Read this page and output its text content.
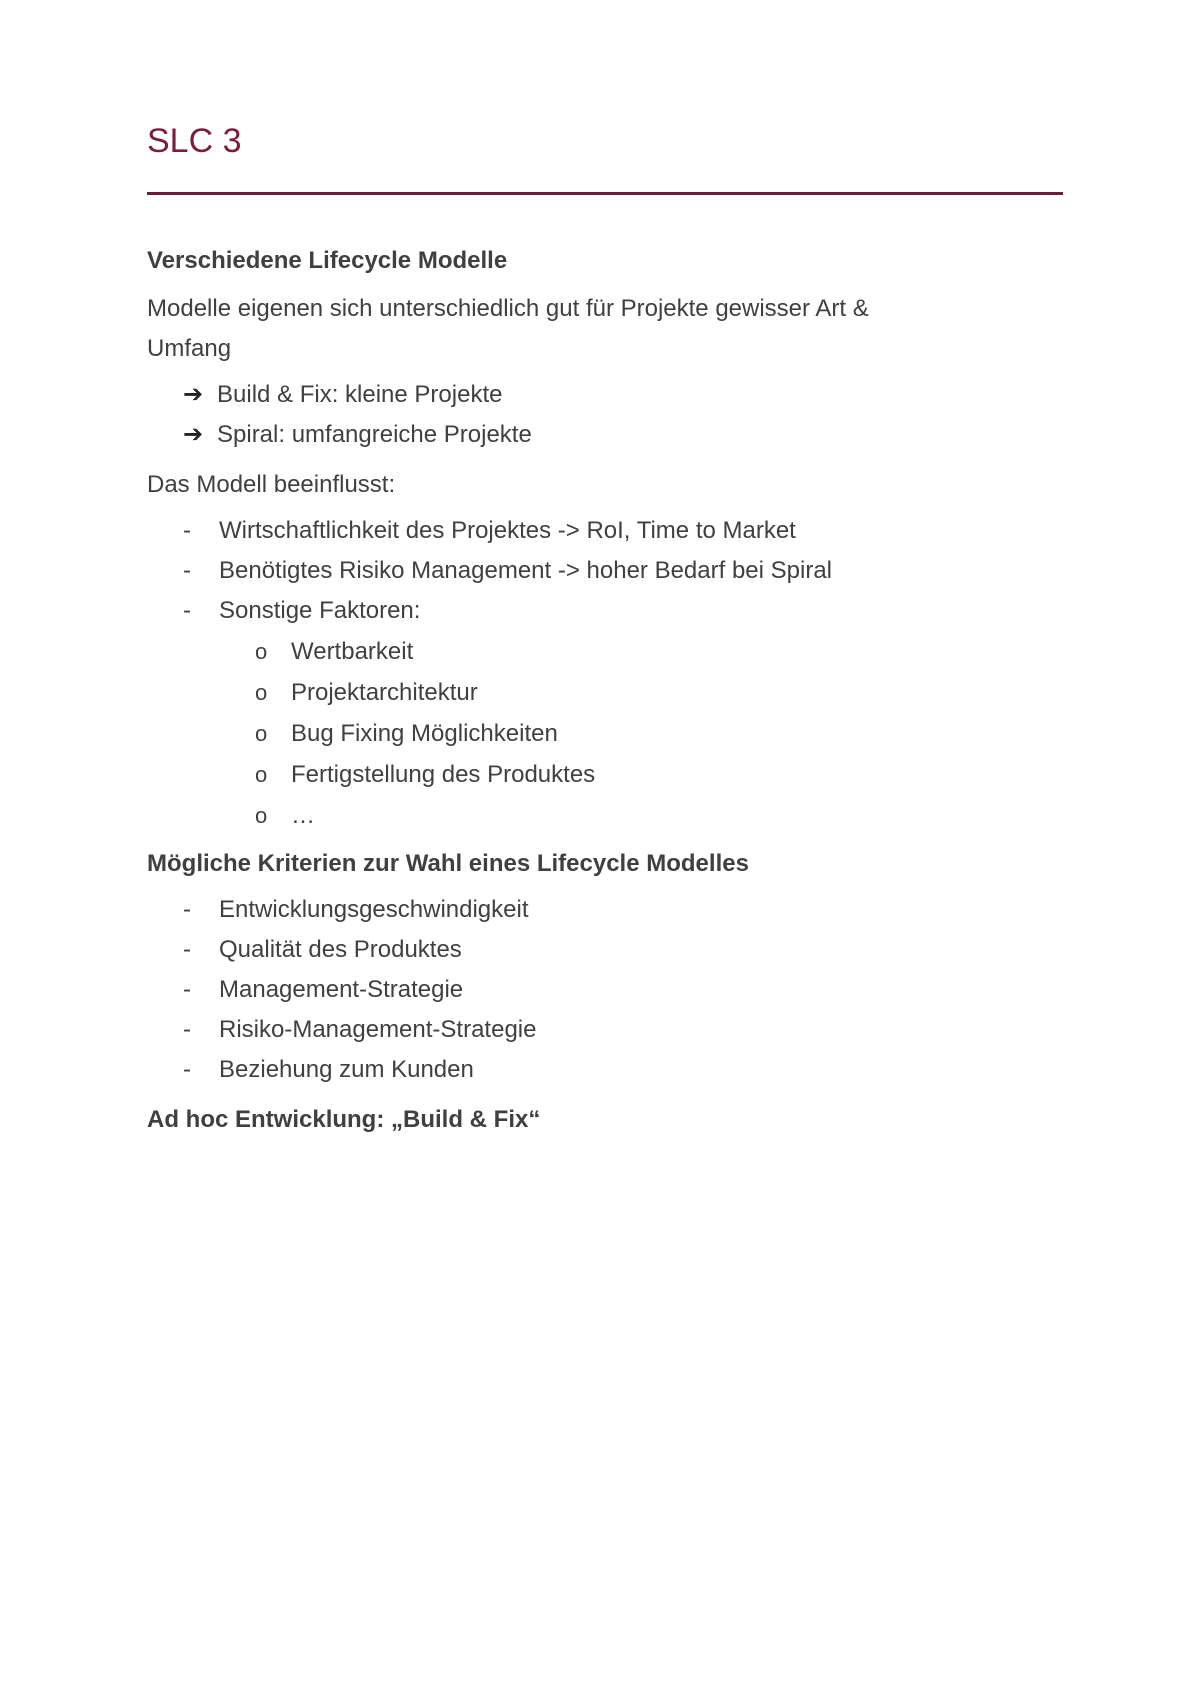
SLC 3
Verschiedene Lifecycle Modelle

Modelle eigenen sich unterschiedlich gut für Projekte gewisser Art &

Umfang

➔ Build & Fix: kleine Projekte
➔ Spiral: umfangreiche Projekte

Das Modell beeinflusst:

-	Wirtschaftlichkeit des Projektes -> RoI, Time to Market
-	Benötigtes Risiko Management -> hoher Bedarf bei Spiral
-	Sonstige Faktoren:
o Wertbarkeit
o Projektarchitektur
o Bug Fixing Möglichkeiten
o Fertigstellung des Produktes
o …
Mögliche Kriterien zur Wahl eines Lifecycle Modelles
-	Entwicklungsgeschwindigkeit
-	Qualität des Produktes
-	Management-Strategie
-	Risiko-Management-Strategie
-	Beziehung zum Kunden
Ad hoc Entwicklung: „Build & Fix“
